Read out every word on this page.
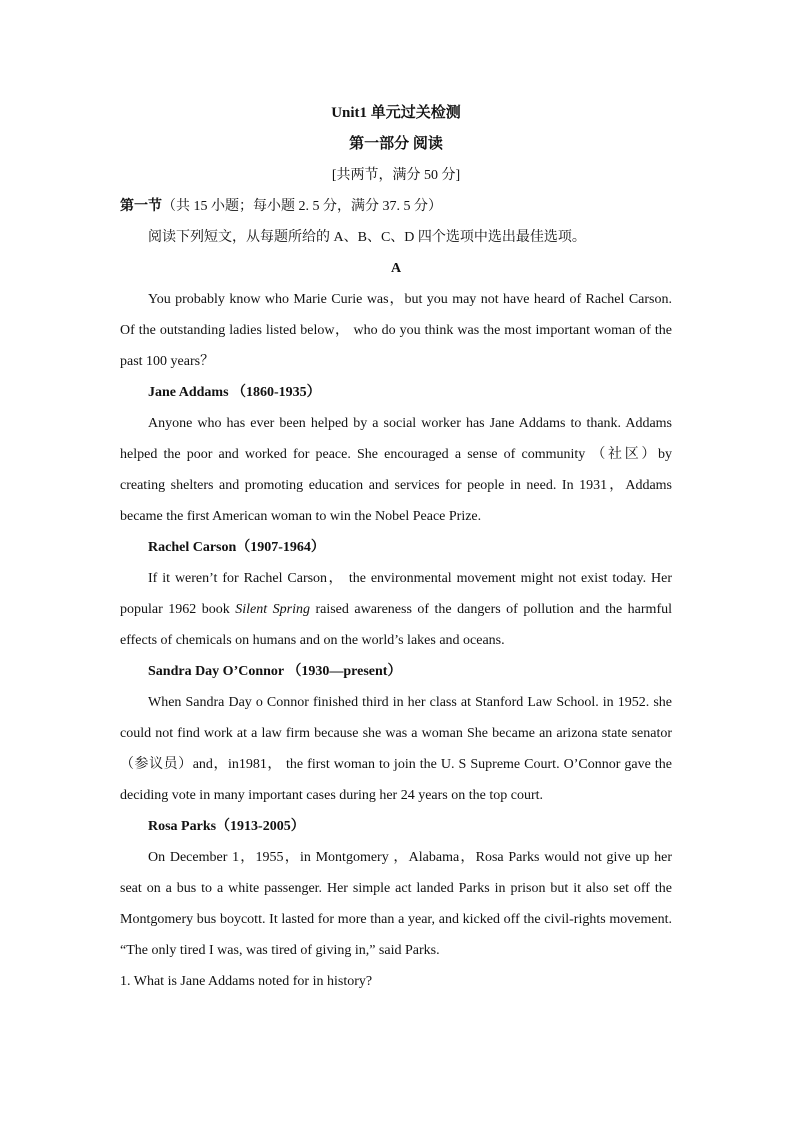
Unit1 单元过关检测
第一部分 阅读
[共两节，满分 50 分]
第一节（共 15 小题；每小题 2. 5 分，满分 37. 5 分）
阅读下列短文，从每题所给的 A、B、C、D 四个选项中选出最佳选项。
A
You probably know who Marie Curie was，but you may not have heard of Rachel Carson. Of the outstanding ladies listed below， who do you think was the most important woman of the past 100 years？
Jane Addams （1860-1935）
Anyone who has ever been helped by a social worker has Jane Addams to thank. Addams helped the poor and worked for peace. She encouraged a sense of community （社区）by creating shelters and promoting education and services for people in need. In 1931，Addams became the first American woman to win the Nobel Peace Prize.
Rachel Carson（1907-1964）
If it weren’t for Rachel Carson， the environmental movement might not exist today. Her popular 1962 book Silent Spring raised awareness of the dangers of pollution and the harmful effects of chemicals on humans and on the world’s lakes and oceans.
Sandra Day O’Connor （1930—present）
When Sandra Day o Connor finished third in her class at Stanford Law School. in 1952. she could not find work at a law firm because she was a woman She became an arizona state senator（参议员）and，in1981， the first woman to join the U. S Supreme Court. O’Connor gave the deciding vote in many important cases during her 24 years on the top court.
Rosa Parks（1913-2005）
On December 1，1955，in Montgomery ，Alabama，Rosa Parks would not give up her seat on a bus to a white passenger. Her simple act landed Parks in prison but it also set off the Montgomery bus boycott. It lasted for more than a year, and kicked off the civil-rights movement. “The only tired I was, was tired of giving in,” said Parks.
1. What is Jane Addams noted for in history?
